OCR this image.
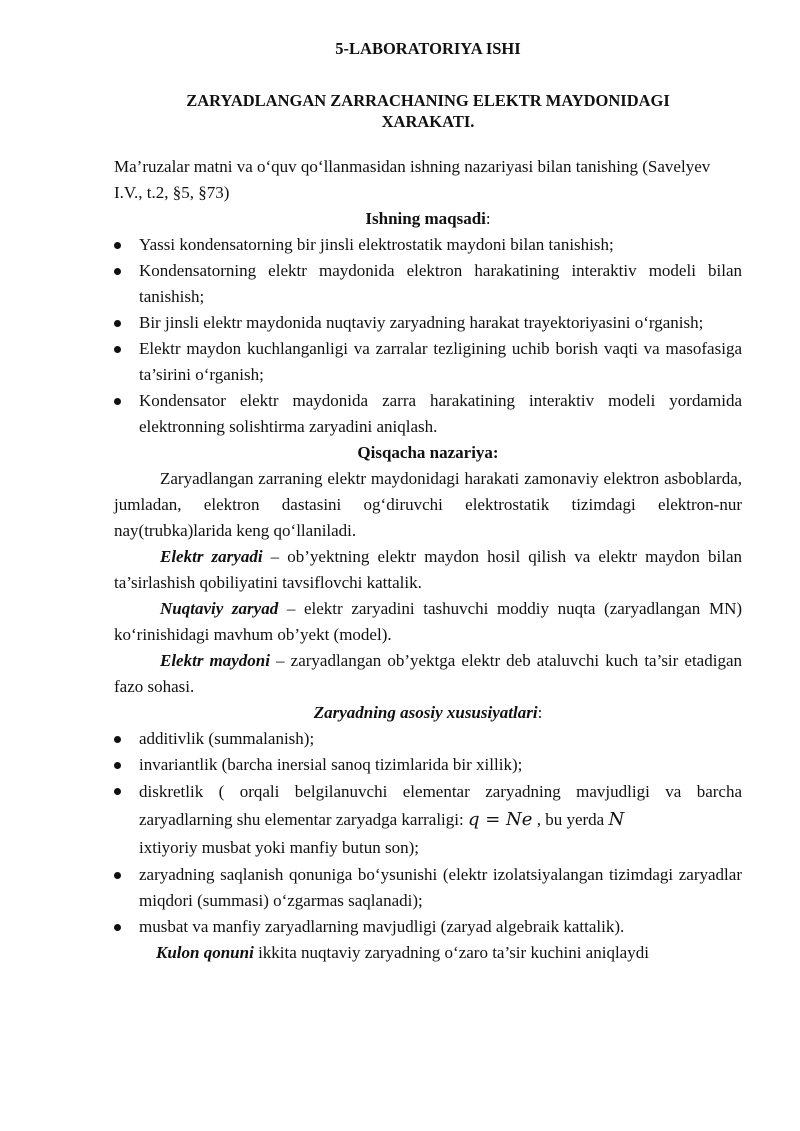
5-LABORATORIYA ISHI
ZARYADLANGAN ZARRACHANING ELEKTR MAYDONIDAGI XARAKATI.

Ma’ruzalar matni va o‘quv qo‘llanmasidan ishning nazariyasi bilan tanishing (Savelyev I.V., t.2, §5, §73)

Ishning maqsadi:
Yassi kondensatorning bir jinsli elektrostatik maydoni bilan tanishish;
Kondensatorning elektr maydonida elektron harakatining interaktiv modeli bilan tanishish;
Bir jinsli elektr maydonida nuqtaviy zaryadning harakat trayektoriyasini o‘rganish;
Elektr maydon kuchlanganligi va zarralar tezligining uchib borish vaqti va masofasiga ta’sirini o‘rganish;
Kondensator elektr maydonida zarra harakatining interaktiv modeli yordamida elektronning solishtirma zaryadini aniqlash.
Qisqacha nazariya:

Zaryadlangan zarraning elektr maydonidagi harakati zamonaviy elektron asboblarda, jumladan, elektron dastasini og‘diruvchi elektrostatik tizimdagi elektron-nur nay(trubka)larida keng qo‘llaniladi.

Elektr zaryadi – ob’yektning elektr maydon hosil qilish va elektr maydon bilan ta’sirlashish qobiliyatini tavsiflovchi kattalik.

Nuqtaviy zaryad – elektr zaryadini tashuvchi moddiy nuqta (zaryadlangan MN) ko‘rinishidagi mavhum ob’yekt (model).

Elektr maydoni – zaryadlangan ob’yektga elektr deb ataluvchi kuch ta’sir etadigan fazo sohasi.

Zaryadning asosiy xususiyatlari:
additivlik (summalanish);
invariantlik (barcha inersial sanoq tizimlarida bir xillik);
diskretlik ( orqali belgilanuvchi elementar zaryadning mavjudligi va barcha zaryadlarning shu elementar zaryadga karraligi: q = Ne , bu yerda N
ixtiyoriy musbat yoki manfiy butun son);
zaryadning saqlanish qonuniga bo‘ysunishi (elektr izolatsiyalangan tizimdagi zaryadlar miqdori (summasi) o‘zgarmas saqlanadi);
musbat va manfiy zaryadlarning mavjudligi (zaryad algebraik kattalik).

Kulon qonuni ikkita nuqtaviy zaryadning o‘zaro ta’sir kuchini aniqlaydi
